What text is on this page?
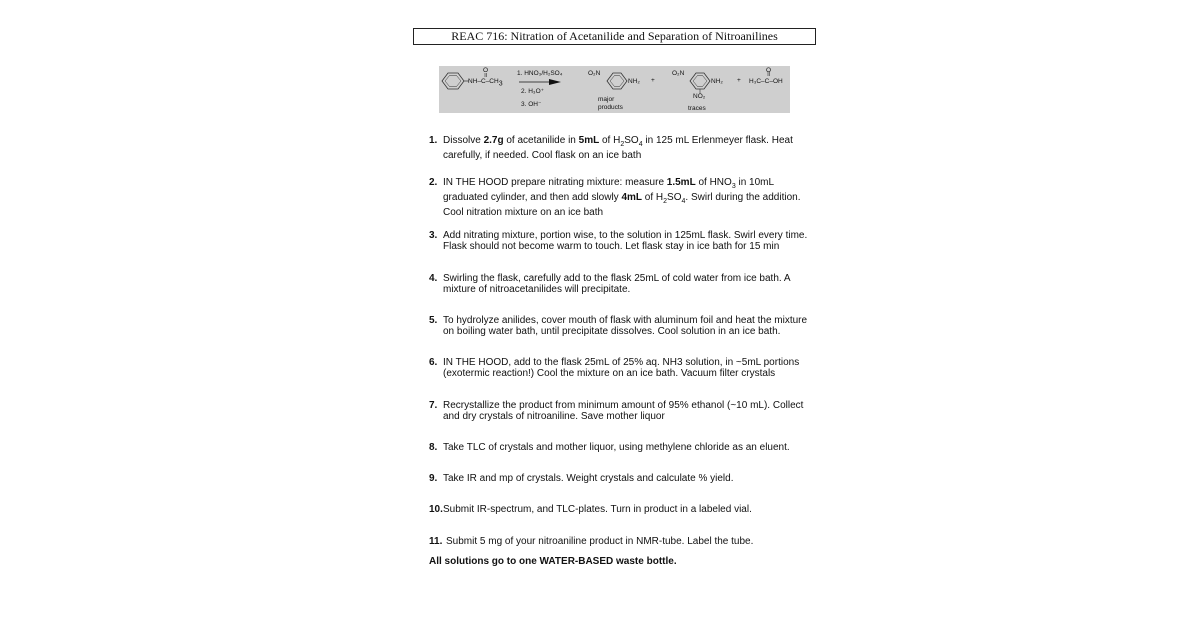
REAC 716: Nitration of Acetanilide and Separation of Nitroanilines
O
$NH-C-CH_3$
1. HNO₃/H₂SO₄
2. H₃O⁺
3. OH⁻
O₂N
NH₂ +
O₂N
NH₂
NO₂
+
O
H₃C–C–OH
major
products	traces
1. Dissolve 2.7g of acetanilide in 5mL of $H_2SO_4$ in 125 mL Erlenmeyer flask. Heat carefully, if needed. Cool flask on an ice bath
2. IN THE HOOD prepare nitrating mixture: measure 1.5mL of $HNO_3$ in 10mL graduated cylinder, and then add slowly 4mL of $H_2SO_4$. Swirl during the addition. Cool nitration mixture on an ice bath
3. Add nitrating mixture, portion wise, to the solution in 125mL flask. Swirl every time. Flask should not become warm to touch. Let flask stay in ice bath for 15 min
4. Swirling the flask, carefully add to the flask 25mL of cold water from ice bath. A mixture of nitroacetanilides will precipitate.
5. To hydrolyze anilides, cover mouth of flask with aluminum foil and heat the mixture on boiling water bath, until precipitate dissolves. Cool solution in an ice bath.
6. IN THE HOOD, add to the flask 25mL of 25% aq. NH3 solution, in ~5mL portions (exotermic reaction!) Cool the mixture on an ice bath. Vacuum filter crystals
7. Recrystallize the product from minimum amount of 95% ethanol (~10 mL). Collect and dry crystals of nitroaniline. Save mother liquor
8. Take TLC of crystals and mother liquor, using methylene chloride as an eluent.
9. Take IR and mp of crystals. Weight crystals and calculate % yield.
10. Submit IR-spectrum, and TLC-plates. Turn in product in a labeled vial.
11. Submit 5 mg of your nitroaniline product in NMR-tube. Label the tube.
All solutions go to one WATER-BASED waste bottle.
